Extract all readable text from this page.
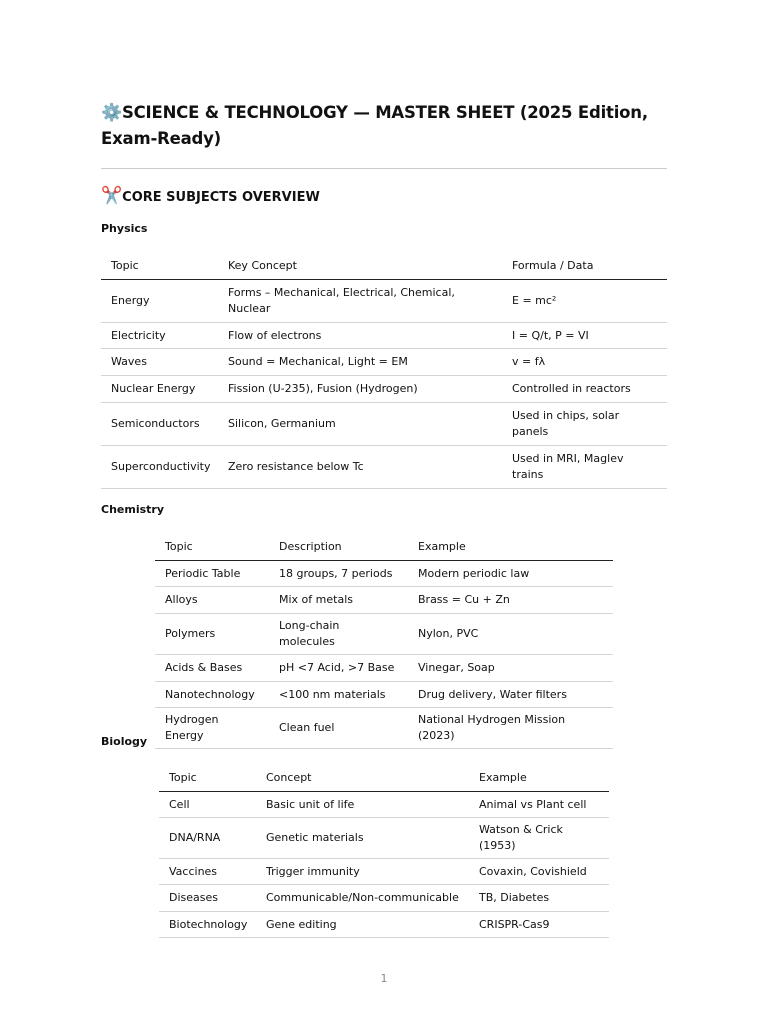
⚙️SCIENCE & TECHNOLOGY — MASTER SHEET (2025 Edition, Exam-Ready)
✂️CORE SUBJECTS OVERVIEW
Physics
Topic	Key Concept	Formula / Data
Energy	Forms – Mechanical, Electrical, Chemical, Nuclear	E = mc²
Electricity	Flow of electrons	I = Q/t, P = VI
Waves	Sound = Mechanical, Light = EM	v = fλ
Nuclear Energy	Fission (U-235), Fusion (Hydrogen)	Controlled in reactors
Semiconductors	Silicon, Germanium	Used in chips, solar panels
Superconductivity	Zero resistance below Tc	Used in MRI, Maglev trains
Chemistry
Topic	Description	Example
Periodic Table	18 groups, 7 periods	Modern periodic law
Alloys	Mix of metals	Brass = Cu + Zn
Polymers	Long-chain molecules	Nylon, PVC
Acids & Bases	pH <7 Acid, >7 Base	Vinegar, Soap
Nanotechnology	<100 nm materials	Drug delivery, Water filters
Hydrogen Energy	Clean fuel	National Hydrogen Mission (2023)
Biology
Topic	Concept	Example
Cell	Basic unit of life	Animal vs Plant cell
DNA/RNA	Genetic materials	Watson & Crick (1953)
Vaccines	Trigger immunity	Covaxin, Covishield
Diseases	Communicable/Non-communicable	TB, Diabetes
Biotechnology	Gene editing	CRISPR-Cas9
1
